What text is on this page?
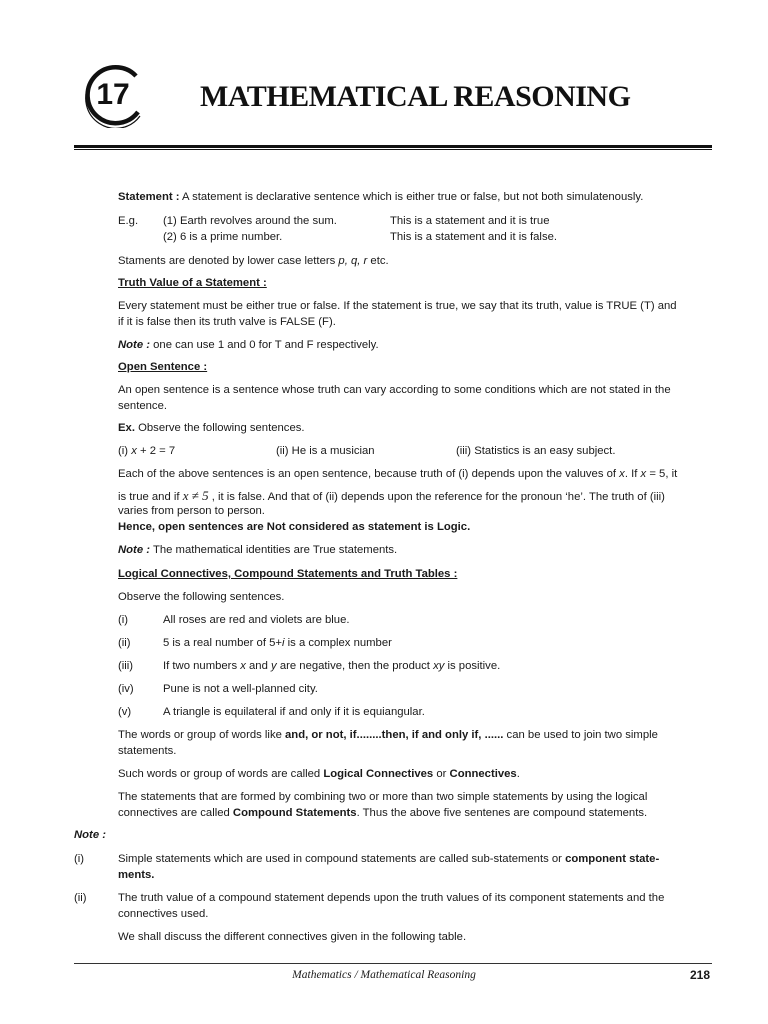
17	MATHEMATICAL REASONING
Statement : A statement is declarative sentence which is either true or false, but not both simulatenously.
E.g. (1) Earth revolves around the sum.	This is a statement and it is true
(2) 6 is a prime number.	This is a statement and it is false.
Staments are denoted by lower case letters p, q, r etc.
Truth Value of a Statement :
Every statement must be either true or false. If the statement is true, we say that its truth, value is TRUE (T) and
if it is false then its truth valve is FALSE (F).
Note : one can use 1 and 0 for T and F respectively.
Open Sentence :
An open sentence is a sentence whose truth can vary according to some conditions which are not stated in the
sentence.
Ex. Observe the following sentences.
(i) x + 2 = 7	(ii) He is a musician	(iii) Statistics is an easy subject.
Each of the above sentences is an open sentence, because truth of (i) depends upon the valuves of x. If x = 5, it
is true and if x ≠ 5 , it is false. And that of (ii) depends upon the reference for the pronoun ‘he’. The truth of (iii)
varies from person to person.
Hence, open sentences are Not considered as statement is Logic.
Note : The mathematical identities are True statements.
Logical Connectives, Compound Statements and Truth Tables :
Observe the following sentences.
(i)	All roses are red and violets are blue.
(ii)	5 is a real number of 5+i is a complex number
(iii)	If two numbers x and y are negative, then the product xy is positive.
(iv)	Pune is not a well-planned city.
(v)	A triangle is equilateral if and only if it is equiangular.
The words or group of words like and, or not, if........then, if and only if, ...... can be used to join two simple
statements.
Such words or group of words are called Logical Connectives or Connectives.
The statements that are formed by combining two or more than two simple statements by using the logical
connectives are called Compound Statements. Thus the above five sentenes are compound statements.
Note :
(i)	Simple statements which are used in compound statements are called sub-statements or component state-
ments.
(ii)	The truth value of a compound statement depends upon the truth values of its component statements and the
connectives used.
We shall discuss the different connectives given in the following table.
Mathematics / Mathematical Reasoning	218
